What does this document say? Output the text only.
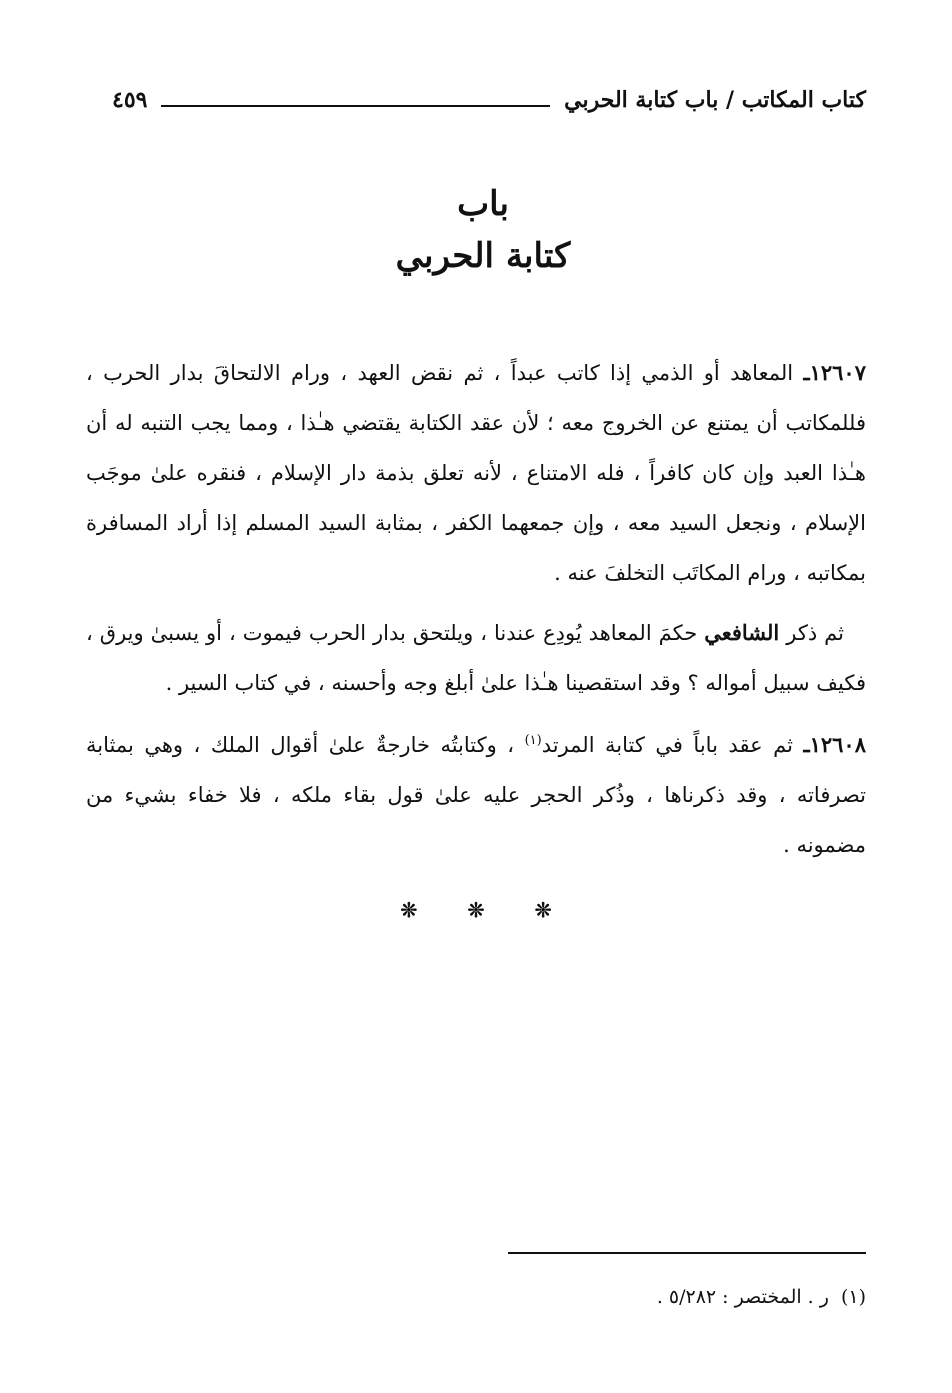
كتاب المكاتب / باب كتابة الحربي
٤٥٩
باب
كتابة الحربي

١٢٦٠٧ـ المعاهد أو الذمي إذا كاتب عبداً ، ثم نقض العهد ، ورام الالتحاقَ بدار الحرب ، فللمكاتب أن يمتنع عن الخروج معه ؛ لأن عقد الكتابة يقتضي هـٰذا ، ومما يجب التنبه له أن هـٰذا العبد وإن كان كافراً ، فله الامتناع ، لأنه تعلق بذمة دار الإسلام ، فنقره علىٰ موجَب الإسلام ، ونجعل السيد معه ، وإن جمعهما الكفر ، بمثابة السيد المسلم إذا أراد المسافرة بمكاتبه ، ورام المكاتَب التخلفَ عنه .

ثم ذكر الشافعي حكمَ المعاهد يُودِع عندنا ، ويلتحق بدار الحرب فيموت ، أو يسبىٰ ويرق ، فكيف سبيل أمواله ؟ وقد استقصينا هـٰذا علىٰ أبلغ وجه وأحسنه ، في كتاب السير .

١٢٦٠٨ـ ثم عقد باباً في كتابة المرتد$^{(١)}$ ، وكتابتُه خارجةٌ علىٰ أقوال الملك ، وهي بمثابة تصرفاته ، وقد ذكرناها ، وذُكر الحجر عليه علىٰ قول بقاء ملكه ، فلا خفاء بشيء من مضمونه .

❊ ❊ ❊
(١)ر . المختصر : ٥/٢٨٢ .
